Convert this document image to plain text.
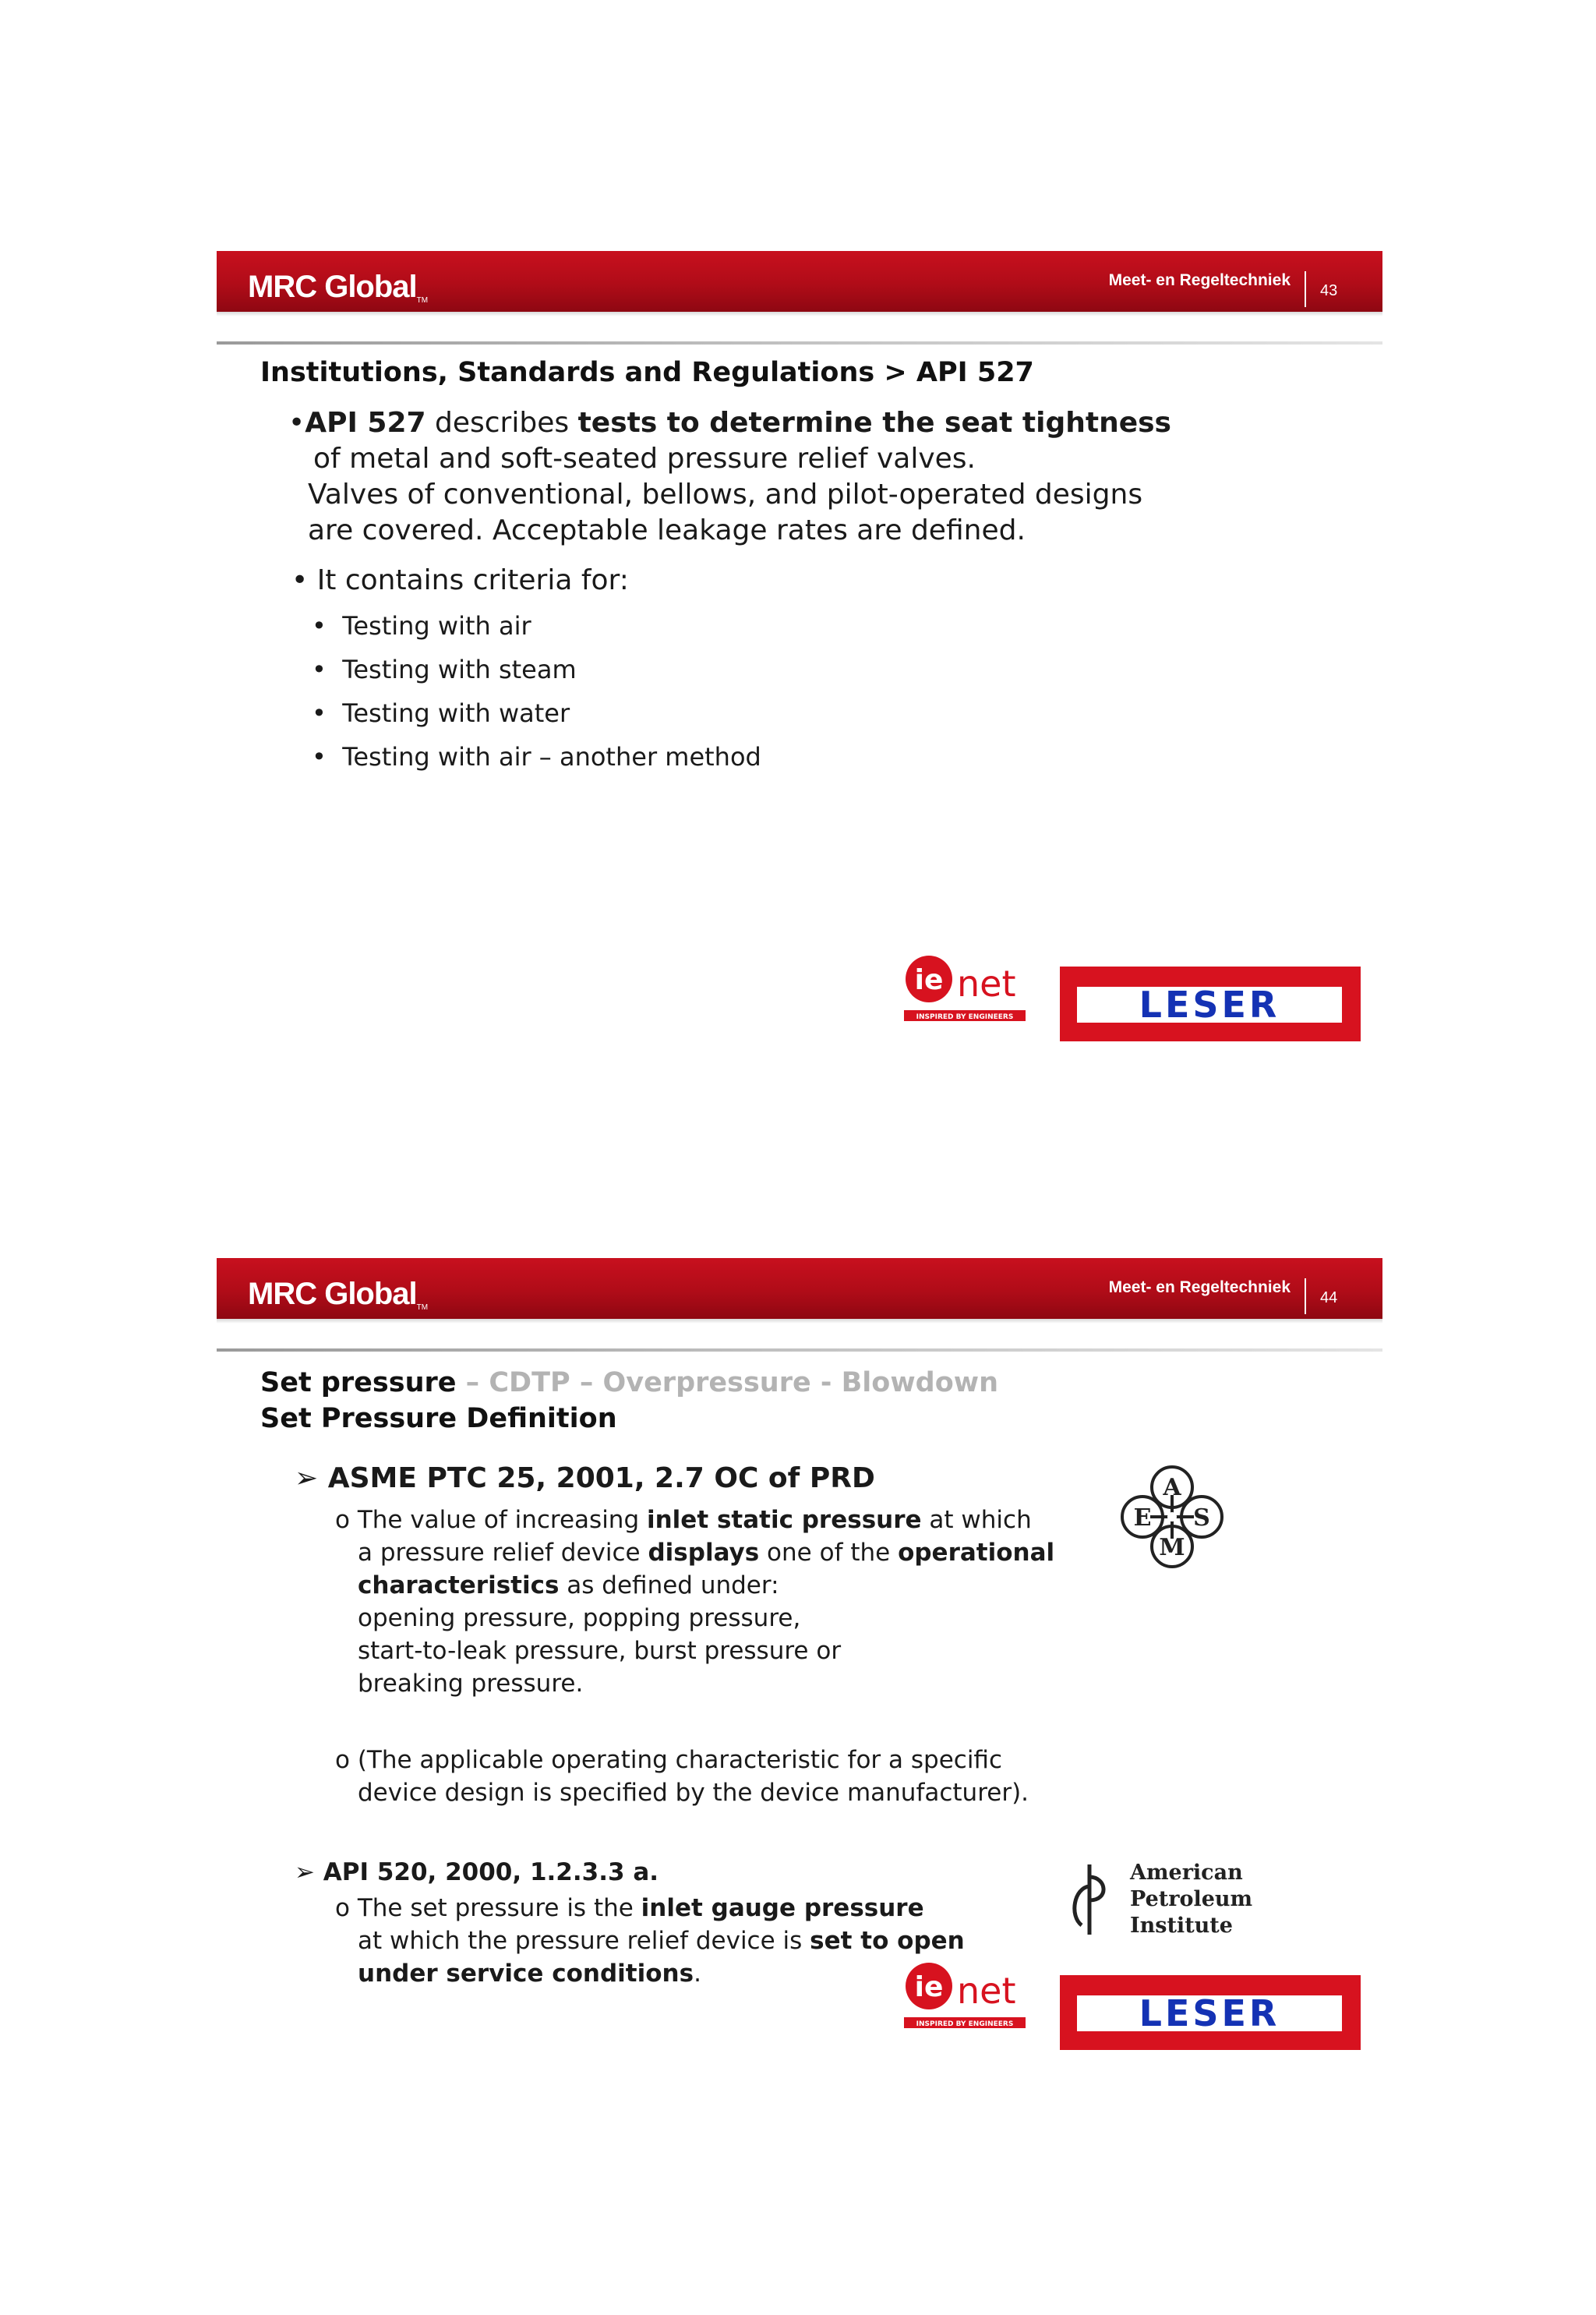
MRC GlobalTM
Meet- en Regeltechniek
43
Institutions, Standards and Regulations > API 527
•API 527 describes tests to determine the seat tightness
of metal and soft-seated pressure relief valves.
Valves of conventional, bellows, and pilot-operated designs
are covered. Acceptable leakage rates are defined.
• It contains criteria for:
•  Testing with air
•  Testing with steam
•  Testing with water
•  Testing with air – another method
ie net
INSPIRED BY ENGINEERS	LESER
MRC GlobalTM
Meet- en Regeltechniek
44
Set pressure – CDTP – Overpressure - Blowdown
Set Pressure Definition
➢ ASME PTC 25, 2001, 2.7 OC of PRD
o The value of increasing inlet static pressure at which
a pressure relief device displays one of the operational
characteristics as defined under:
opening pressure, popping pressure,
start-to-leak pressure, burst pressure or
breaking pressure.
o (The applicable operating characteristic for a specific
device design is specified by the device manufacturer).
➢ API 520, 2000, 1.2.3.3 a.
o The set pressure is the inlet gauge pressure
at which the pressure relief device is set to open
under service conditions.
A
E S
M
American
Petroleum
Institute
ie net
INSPIRED BY ENGINEERS	LESER
